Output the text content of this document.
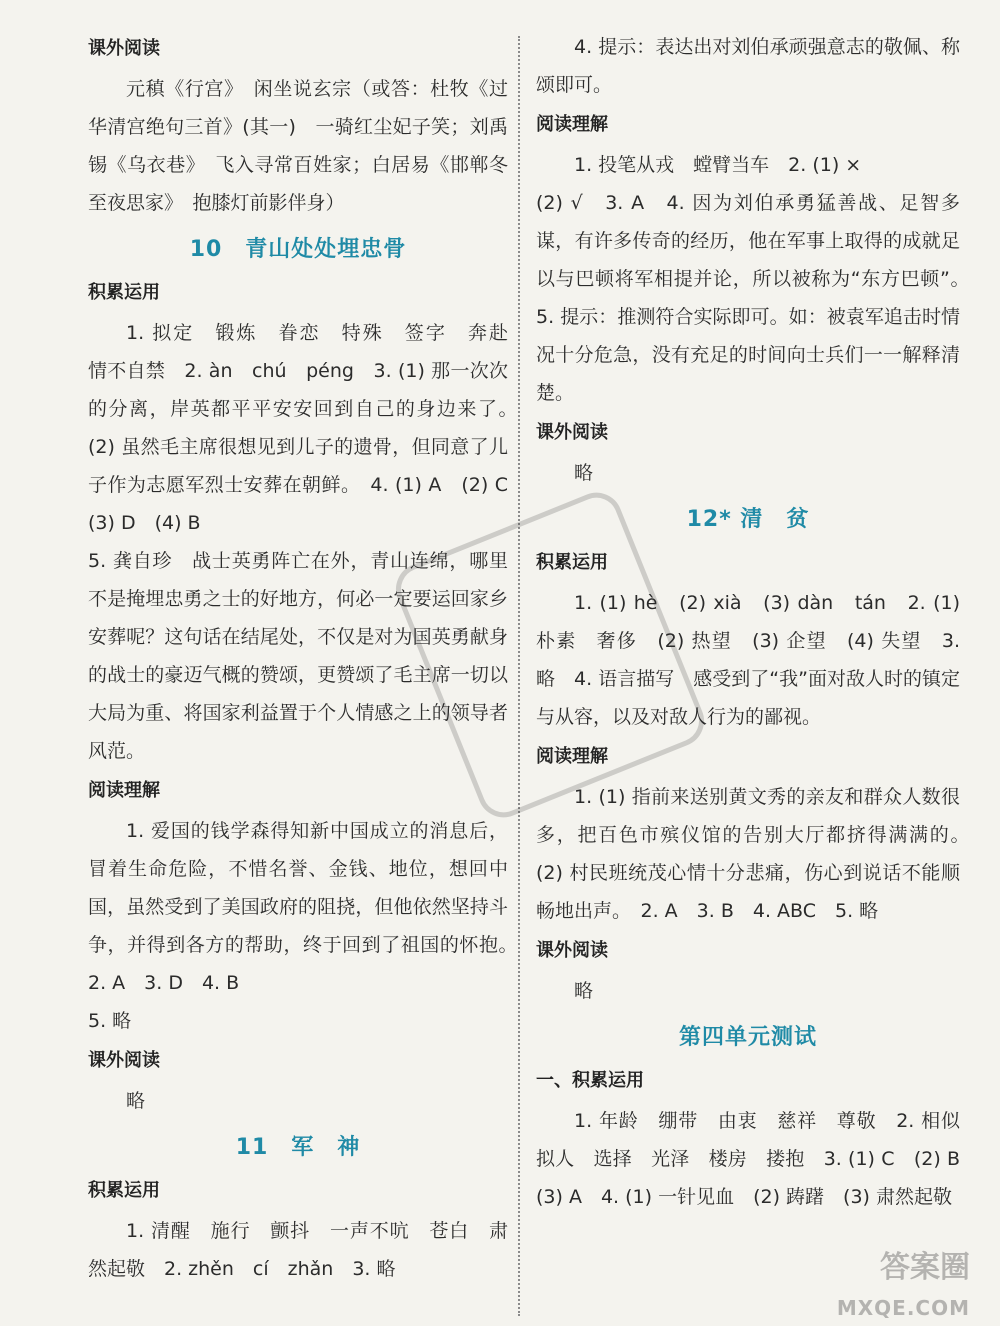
课外阅读

元稹《行宫》　闲坐说玄宗（或答：杜牧《过华清宫绝句三首》(其一)　一骑红尘妃子笑；刘禹锡《乌衣巷》　飞入寻常百姓家；白居易《邯郸冬至夜思家》　抱膝灯前影伴身）

10　青山处处埋忠骨
积累运用

1. 拟定　锻炼　眷恋　特殊　签字　奔赴　情不自禁　2. àn　chú　péng　3. (1) 那一次次的分离，岸英都平平安安回到自己的身边来了。　(2) 虽然毛主席很想见到儿子的遗骨，但同意了儿子作为志愿军烈士安葬在朝鲜。　4. (1) A　(2) C　(3) D　(4) B

5. 龚自珍　战士英勇阵亡在外，青山连绵，哪里不是掩埋忠勇之士的好地方，何必一定要运回家乡安葬呢？这句话在结尾处，不仅是对为国英勇献身的战士的豪迈气概的赞颂，更赞颂了毛主席一切以大局为重、将国家利益置于个人情感之上的领导者风范。

阅读理解

1. 爱国的钱学森得知新中国成立的消息后，冒着生命危险，不惜名誉、金钱、地位，想回中国，虽然受到了美国政府的阻挠，但他依然坚持斗争，并得到各方的帮助，终于回到了祖国的怀抱。　2. A　3. D　4. B

5. 略

课外阅读

略

11　军　神
积累运用

1. 清醒　施行　颤抖　一声不吭　苍白　肃然起敬　2. zhěn　cí　zhǎn　3. 略

4. 提示：表达出对刘伯承顽强意志的敬佩、称颂即可。

阅读理解

1. 投笔从戎　螳臂当车　2. (1) ×

(2) √　3. A　4. 因为刘伯承勇猛善战、足智多谋，有许多传奇的经历，他在军事上取得的成就足以与巴顿将军相提并论，所以被称为“东方巴顿”。　5. 提示：推测符合实际即可。如：被袁军追击时情况十分危急，没有充足的时间向士兵们一一解释清楚。

课外阅读

略

12* 清　贫
积累运用

1. (1) hè　(2) xià　(3) dàn　tán　2. (1) 朴素　奢侈　(2) 热望　(3) 企望　(4) 失望　3. 略　4. 语言描写　感受到了“我”面对敌人时的镇定与从容，以及对敌人行为的鄙视。

阅读理解

1. (1) 指前来送别黄文秀的亲友和群众人数很多，把百色市殡仪馆的告别大厅都挤得满满的。　(2) 村民班统茂心情十分悲痛，伤心到说话不能顺畅地出声。　2. A　3. B　4. ABC　5. 略

课外阅读

略

第四单元测试
一、积累运用

1. 年龄　绷带　由衷　慈祥　尊敬　2. 相似　拟人　选择　光泽　楼房　搂抱　3. (1) C　(2) B　(3) A　4. (1) 一针见血　(2) 踌躇　(3) 肃然起敬

答案圈
MXQE.COM
